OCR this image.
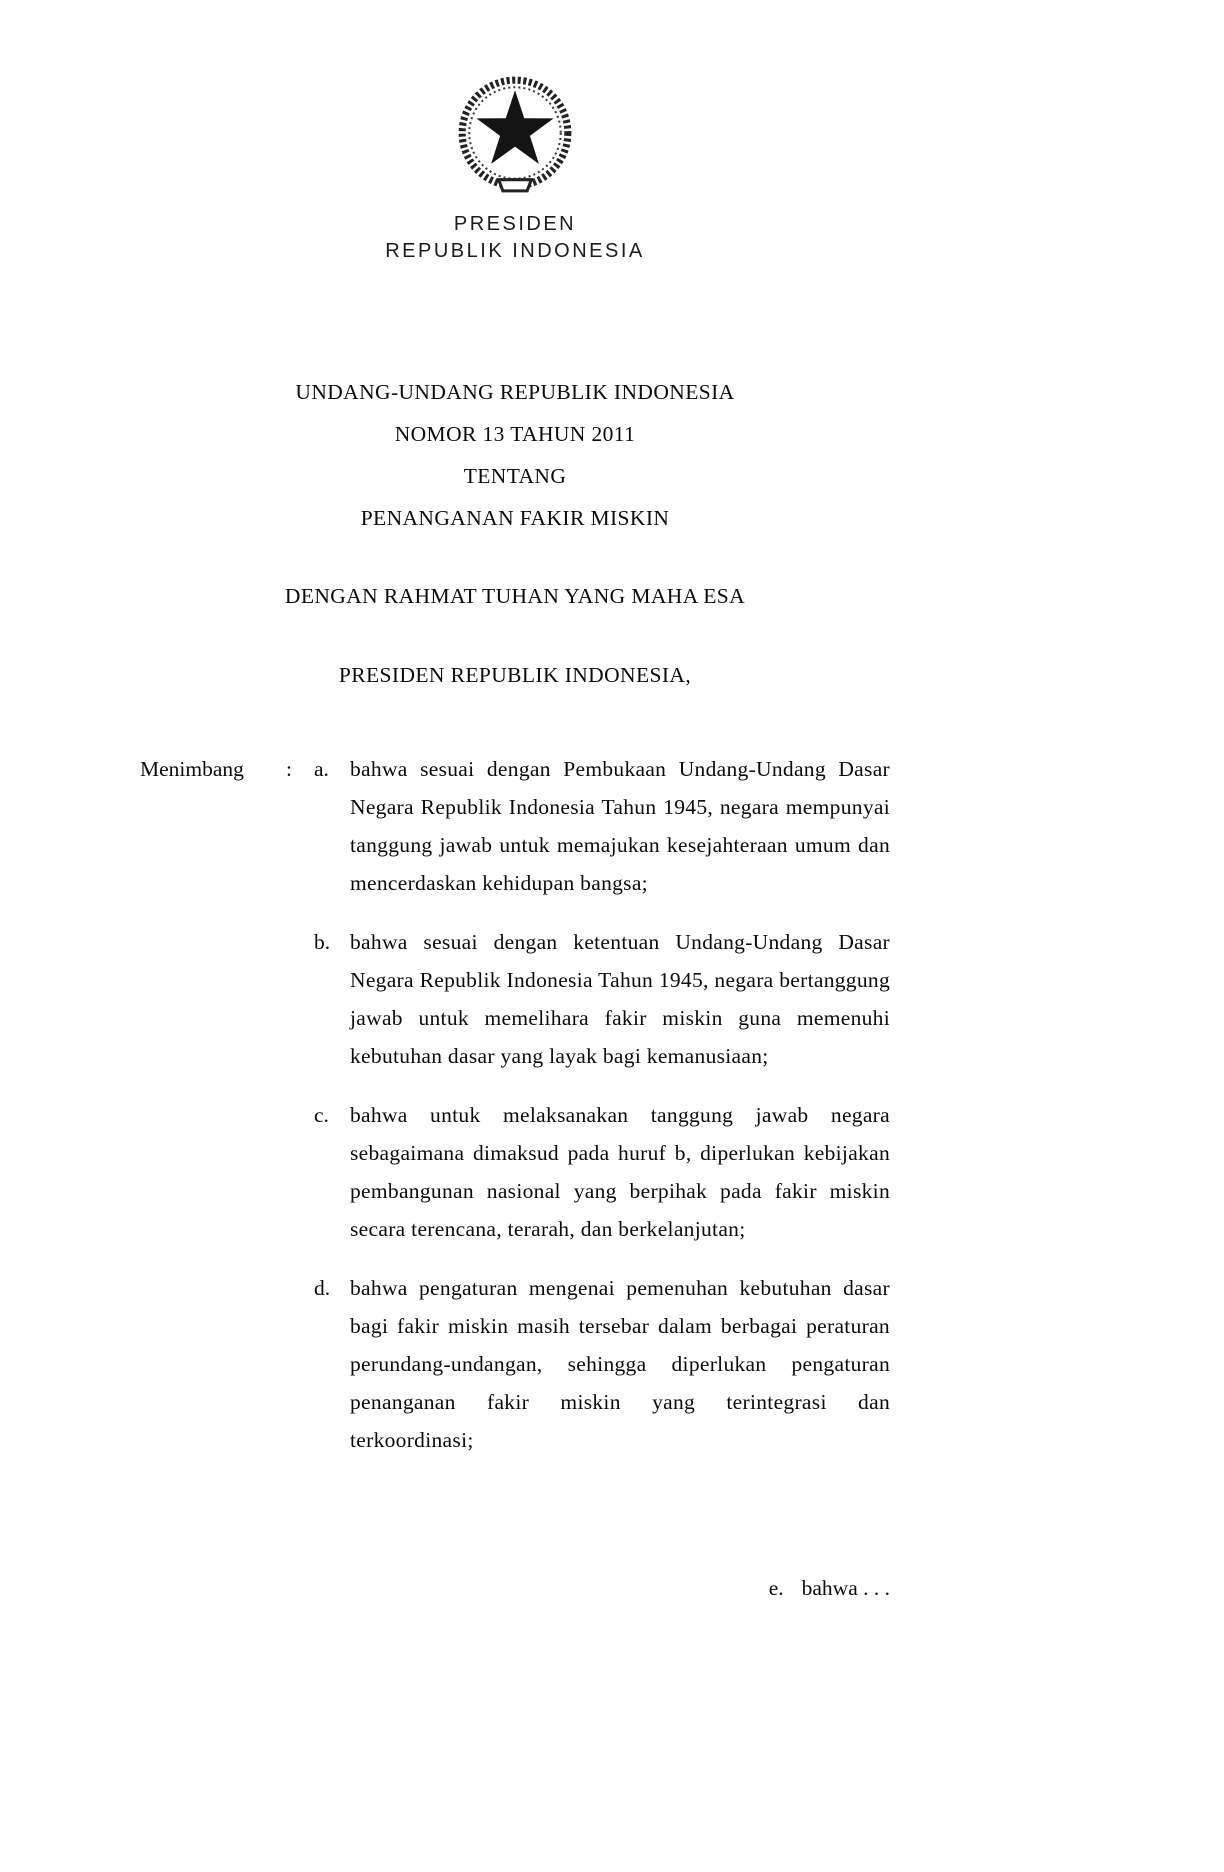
PRESIDEN
REPUBLIK INDONESIA
UNDANG-UNDANG REPUBLIK INDONESIA
NOMOR 13 TAHUN 2011
TENTANG
PENANGANAN FAKIR MISKIN
DENGAN RAHMAT TUHAN YANG MAHA ESA
PRESIDEN REPUBLIK INDONESIA,
Menimbang	:	a. bahwa sesuai dengan Pembukaan Undang-Undang Dasar Negara Republik Indonesia Tahun 1945, negara mempunyai tanggung jawab untuk memajukan kesejahteraan umum dan mencerdaskan kehidupan bangsa;

b. bahwa sesuai dengan ketentuan Undang-Undang Dasar Negara Republik Indonesia Tahun 1945, negara bertanggung jawab untuk memelihara fakir miskin guna memenuhi kebutuhan dasar yang layak bagi kemanusiaan;

c. bahwa untuk melaksanakan tanggung jawab negara sebagaimana dimaksud pada huruf b, diperlukan kebijakan pembangunan nasional yang berpihak pada fakir miskin secara terencana, terarah, dan berkelanjutan;

d. bahwa pengaturan mengenai pemenuhan kebutuhan dasar bagi fakir miskin masih tersebar dalam berbagai peraturan perundang-undangan, sehingga diperlukan pengaturan penanganan fakir miskin yang terintegrasi dan terkoordinasi;

e. bahwa . . .
